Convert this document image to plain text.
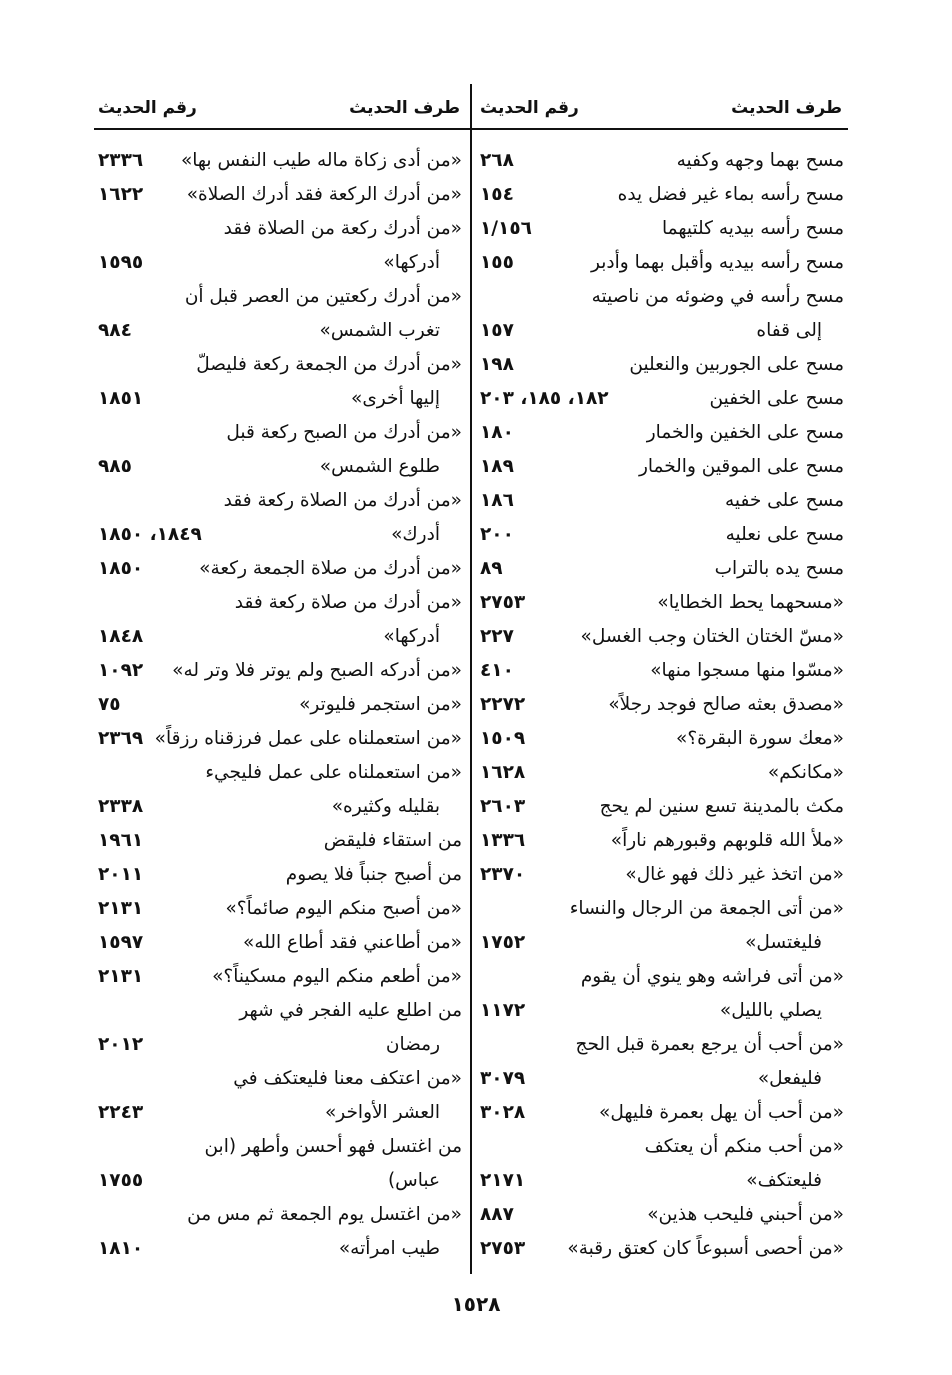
طرف الحديث
رقم الحديث
مسح بهما وجهه وكفيه
٢٦٨
مسح رأسه بماء غير فضل يده
١٥٤
مسح رأسه بيديه كلتيهما
١/١٥٦
مسح رأسه بيديه وأقبل بهما وأدبر
١٥٥
مسح رأسه في وضوئه من ناصيته
إلى قفاه
١٥٧
مسح على الجوربين والنعلين
١٩٨
مسح على الخفين
١٨٢، ١٨٥، ٢٠٣
مسح على الخفين والخمار
١٨٠
مسح على الموقين والخمار
١٨٩
مسح على خفيه
١٨٦
مسح على نعليه
٢٠٠
مسح يده بالتراب
٨٩
«مسحهما يحط الخطايا»
٢٧٥٣
«مسّ الختان الختان وجب الغسل»
٢٢٧
«مسّوا منها مسجوا منها»
٤١٠
«مصدق بعثه صالح فوجد رجلاً»
٢٢٧٢
«معك سورة البقرة؟»
١٥٠٩
«مكانكم»
١٦٢٨
مكث بالمدينة تسع سنين لم يحج
٢٦٠٣
«ملأ الله قلوبهم وقبورهم ناراً»
١٣٣٦
«من اتخذ غير ذلك فهو غال»
٢٣٧٠
«من أتى الجمعة من الرجال والنساء
فليغتسل»
١٧٥٢
«من أتى فراشه وهو ينوي أن يقوم
يصلي بالليل»
١١٧٢
«من أحب أن يرجع بعمرة قبل الحج
فليفعل»
٣٠٧٩
«من أحب أن يهل بعمرة فليهل»
٣٠٢٨
«من أحب منكم أن يعتكف
فليعتكف»
٢١٧١
«من أحبني فليحب هذين»
٨٨٧
«من أحصى أسبوعاً كان كعتق رقبة»
٢٧٥٣
طرف الحديث
رقم الحديث
«من أدى زكاة ماله طيب النفس بها»
٢٣٣٦
«من أدرك الركعة فقد أدرك الصلاة»
١٦٢٢
«من أدرك ركعة من الصلاة فقد
أدركها»
١٥٩٥
«من أدرك ركعتين من العصر قبل أن
تغرب الشمس»
٩٨٤
«من أدرك من الجمعة ركعة فليصلّ
إليها أخرى»
١٨٥١
«من أدرك من الصبح ركعة قبل
طلوع الشمس»
٩٨٥
«من أدرك من الصلاة ركعة فقد
أدرك»
١٨٤٩، ١٨٥٠
«من أدرك من صلاة الجمعة ركعة»
١٨٥٠
«من أدرك من صلاة ركعة فقد
أدركها»
١٨٤٨
«من أدركه الصبح ولم يوتر فلا وتر له»
١٠٩٢
«من استجمر فليوتر»
٧٥
«من استعملناه على عمل فرزقناه رزقاً»
٢٣٦٩
«من استعملناه على عمل فليجيء
بقليله وكثيره»
٢٣٣٨
من استقاء فليقض
١٩٦١
من أصبح جنباً فلا يصوم
٢٠١١
«من أصبح منكم اليوم صائماً؟»
٢١٣١
«من أطاعني فقد أطاع الله»
١٥٩٧
«من أطعم منكم اليوم مسكيناً؟»
٢١٣١
من اطلع عليه الفجر في شهر
رمضان
٢٠١٢
«من اعتكف معنا فليعتكف في
العشر الأواخر»
٢٢٤٣
من اغتسل فهو أحسن وأطهر (ابن
عباس)
١٧٥٥
«من اغتسل يوم الجمعة ثم مس من
طيب امرأته»
١٨١٠
١٥٢٨
